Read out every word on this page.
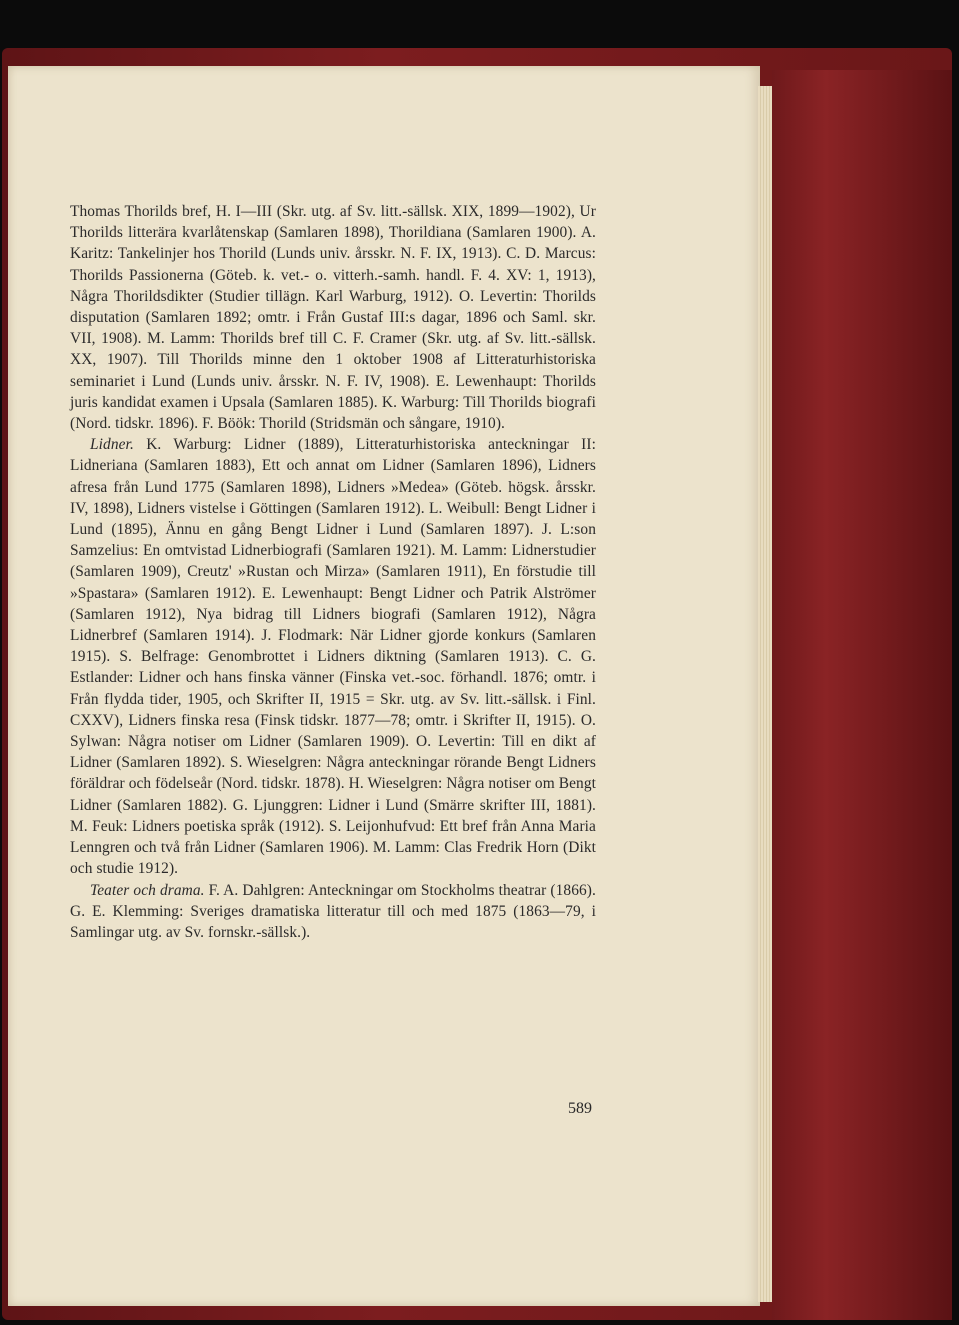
Thomas Thorilds bref, H. I—III (Skr. utg. af Sv. litt.-sällsk. XIX, 1899—1902), Ur Thorilds litterära kvarlåtenskap (Samlaren 1898), Thorildiana (Samlaren 1900). A. Karitz: Tankelinjer hos Thorild (Lunds univ. årsskr. N. F. IX, 1913). C. D. Marcus: Thorilds Passionerna (Göteb. k. vet.- o. vitterh.-samh. handl. F. 4. XV: 1, 1913), Några Thorildsdikter (Studier tillägn. Karl Warburg, 1912). O. Levertin: Thorilds disputation (Samlaren 1892; omtr. i Från Gustaf III:s dagar, 1896 och Saml. skr. VII, 1908). M. Lamm: Thorilds bref till C. F. Cramer (Skr. utg. af Sv. litt.-sällsk. XX, 1907). Till Thorilds minne den 1 oktober 1908 af Litteraturhistoriska seminariet i Lund (Lunds univ. årsskr. N. F. IV, 1908). E. Lewenhaupt: Thorilds juris kandidat examen i Upsala (Samlaren 1885). K. Warburg: Till Thorilds biografi (Nord. tidskr. 1896). F. Böök: Thorild (Stridsmän och sångare, 1910).

Lidner. K. Warburg: Lidner (1889), Litteraturhistoriska anteckningar II: Lidneriana (Samlaren 1883), Ett och annat om Lidner (Samlaren 1896), Lidners afresa från Lund 1775 (Samlaren 1898), Lidners »Medea» (Göteb. högsk. årsskr. IV, 1898), Lidners vistelse i Göttingen (Samlaren 1912). L. Weibull: Bengt Lidner i Lund (1895), Ännu en gång Bengt Lidner i Lund (Samlaren 1897). J. L:son Samzelius: En omtvistad Lidnerbiografi (Samlaren 1921). M. Lamm: Lidnerstudier (Samlaren 1909), Creutz' »Rustan och Mirza» (Samlaren 1911), En förstudie till »Spastara» (Samlaren 1912). E. Lewenhaupt: Bengt Lidner och Patrik Alströmer (Samlaren 1912), Nya bidrag till Lidners biografi (Samlaren 1912), Några Lidnerbref (Samlaren 1914). J. Flodmark: När Lidner gjorde konkurs (Samlaren 1915). S. Belfrage: Genombrottet i Lidners diktning (Samlaren 1913). C. G. Estlander: Lidner och hans finska vänner (Finska vet.-soc. förhandl. 1876; omtr. i Från flydda tider, 1905, och Skrifter II, 1915 = Skr. utg. av Sv. litt.-sällsk. i Finl. CXXV), Lidners finska resa (Finsk tidskr. 1877—78; omtr. i Skrifter II, 1915). O. Sylwan: Några notiser om Lidner (Samlaren 1909). O. Levertin: Till en dikt af Lidner (Samlaren 1892). S. Wieselgren: Några anteckningar rörande Bengt Lidners föräldrar och födelseår (Nord. tidskr. 1878). H. Wieselgren: Några notiser om Bengt Lidner (Samlaren 1882). G. Ljunggren: Lidner i Lund (Smärre skrifter III, 1881). M. Feuk: Lidners poetiska språk (1912). S. Leijonhufvud: Ett bref från Anna Maria Lenngren och två från Lidner (Samlaren 1906). M. Lamm: Clas Fredrik Horn (Dikt och studie 1912).

Teater och drama. F. A. Dahlgren: Anteckningar om Stockholms theatrar (1866). G. E. Klemming: Sveriges dramatiska litteratur till och med 1875 (1863—79, i Samlingar utg. av Sv. fornskr.-sällsk.).

589
